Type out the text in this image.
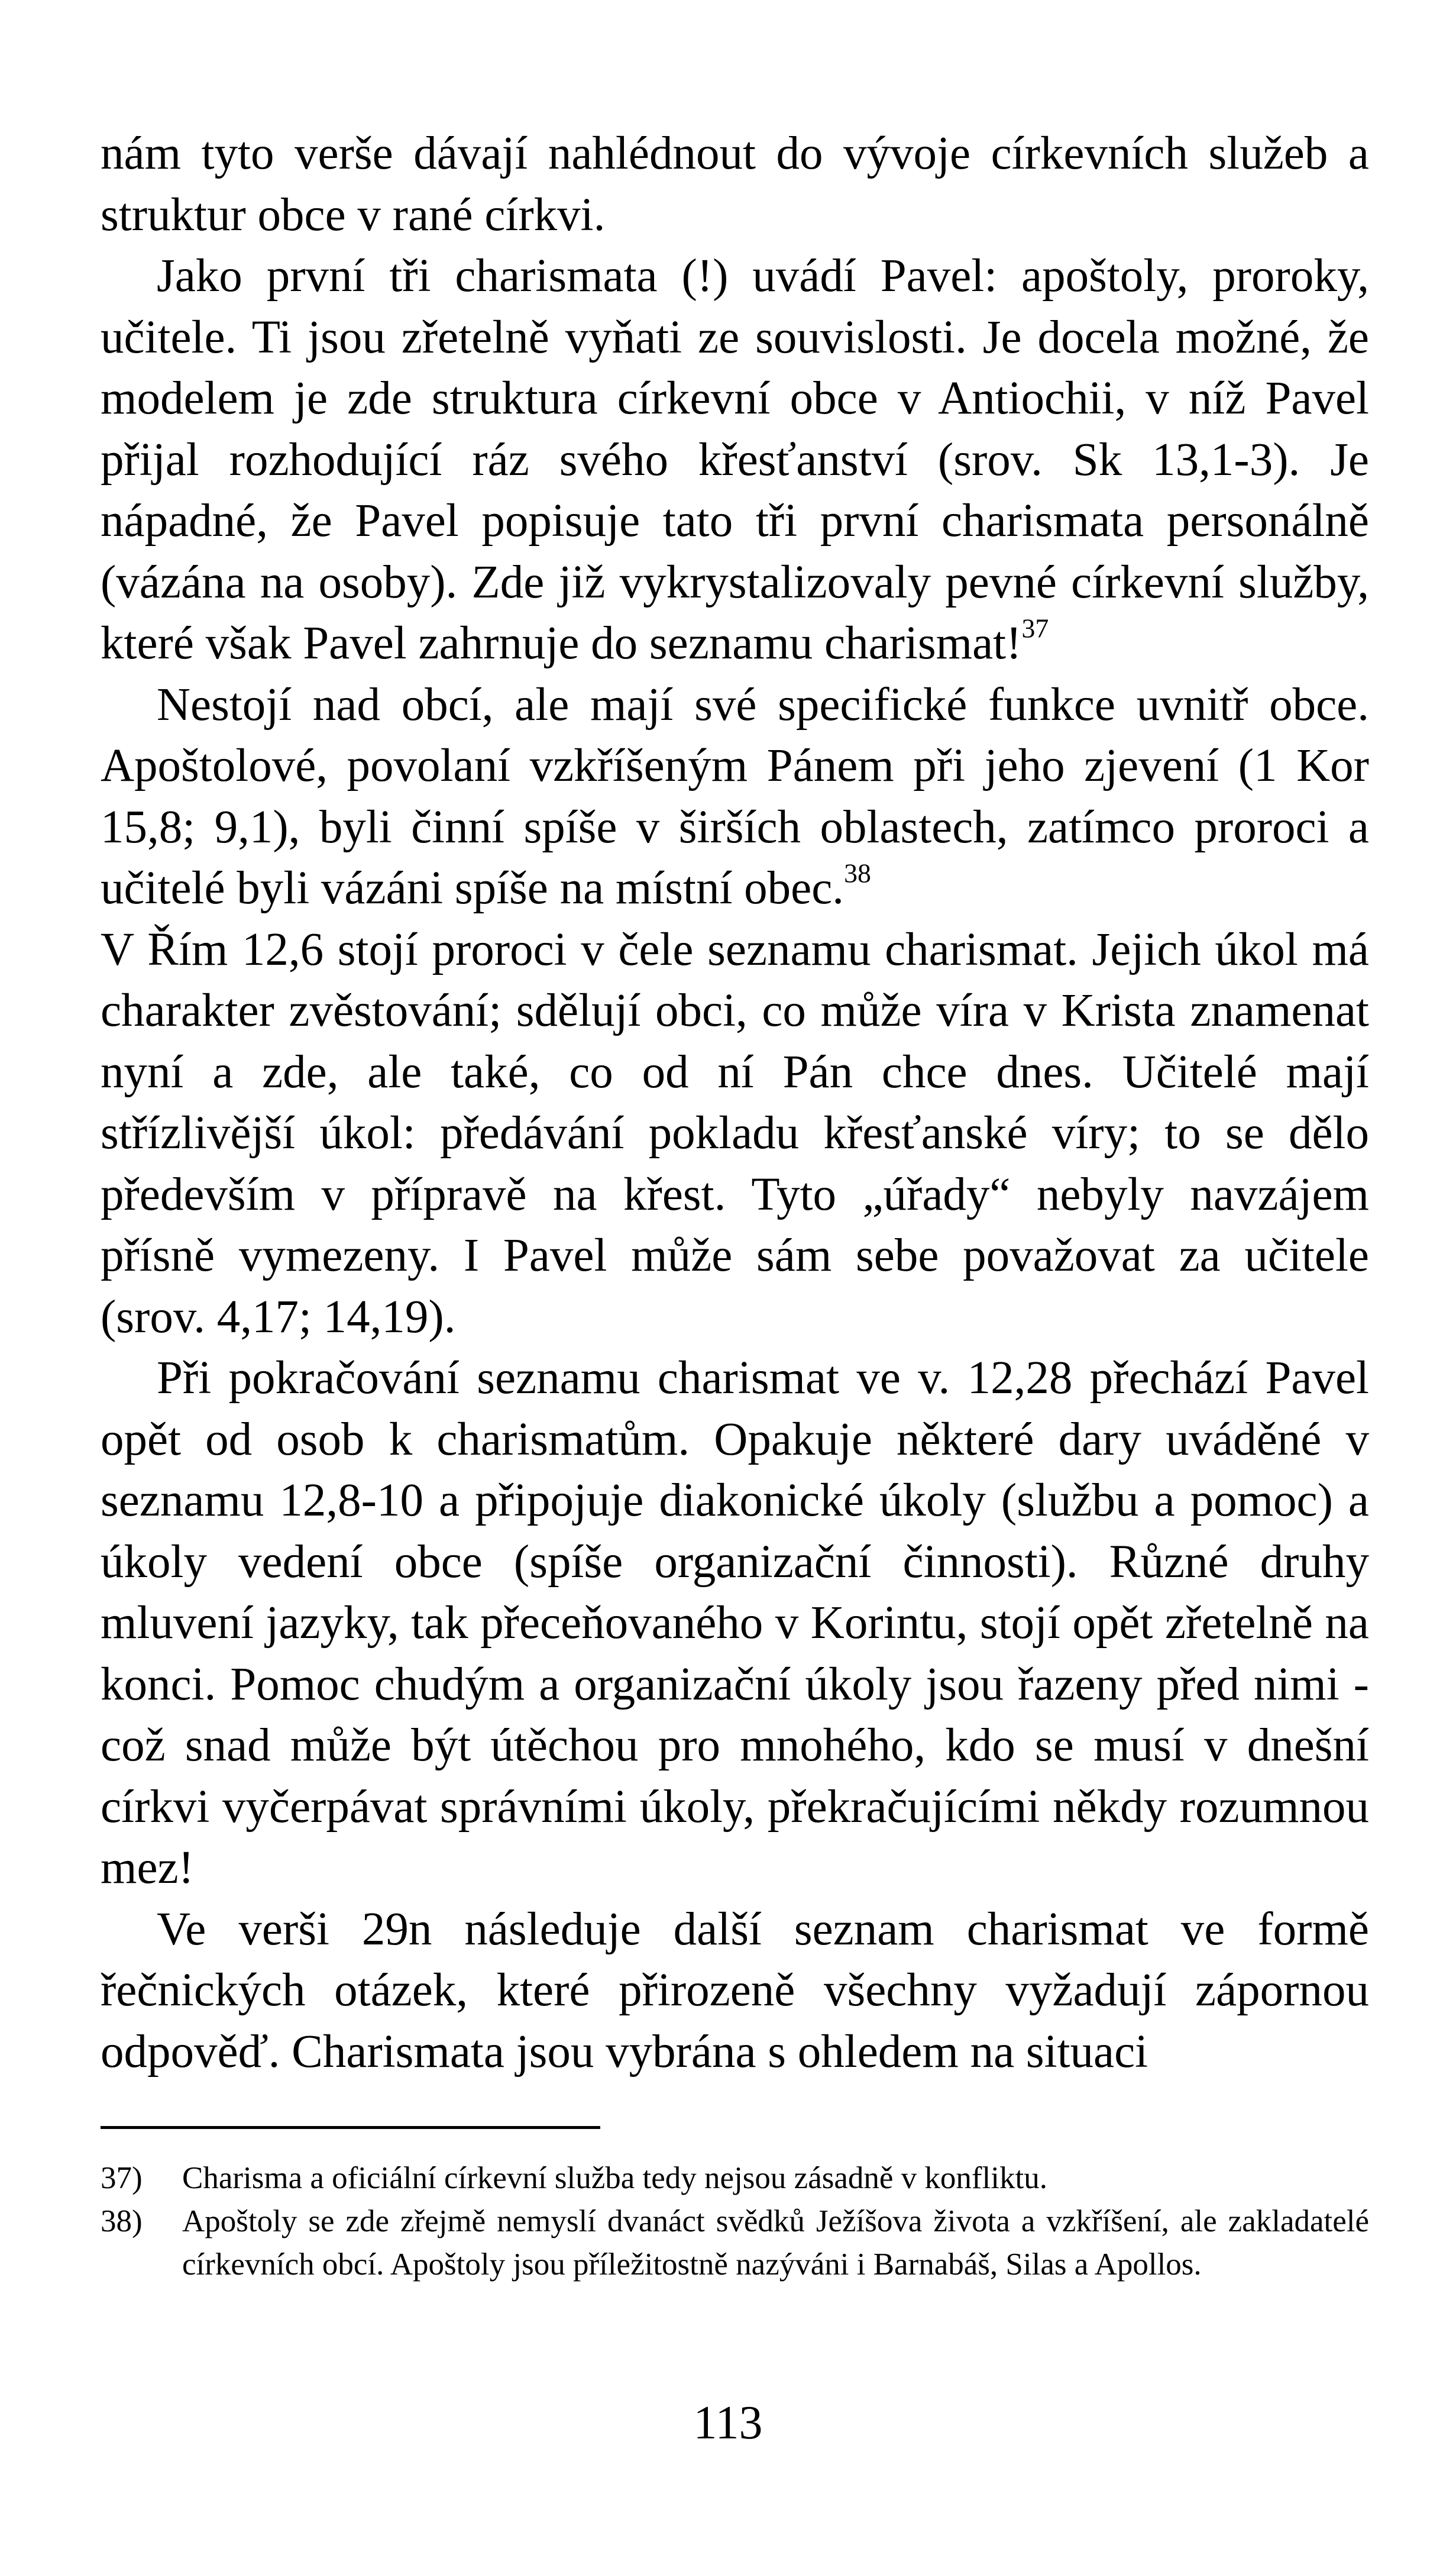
nám tyto verše dávají nahlédnout do vývoje církevních služeb a struktur obce v rané církvi.

Jako první tři charismata (!) uvádí Pavel: apoštoly, proroky, učitele. Ti jsou zřetelně vyňati ze souvislosti. Je docela možné, že modelem je zde struktura církevní obce v Antiochii, v níž Pavel přijal rozhodující ráz svého křesťanství (srov. Sk 13,1-3). Je nápadné, že Pavel popisuje tato tři první charismata personálně (vázána na osoby). Zde již vykrystalizovaly pevné církevní služby, které však Pavel zahrnuje do seznamu charismat!$^{37}$

Nestojí nad obcí, ale mají své specifické funkce uvnitř obce. Apoštolové, povolaní vzkříšeným Pánem při jeho zjevení (1 Kor 15,8; 9,1), byli činní spíše v širších oblastech, zatímco proroci a učitelé byli vázáni spíše na místní obec.$^{38}$

V Řím 12,6 stojí proroci v čele seznamu charismat. Jejich úkol má charakter zvěstování; sdělují obci, co může víra v Krista znamenat nyní a zde, ale také, co od ní Pán chce dnes. Učitelé mají střízlivější úkol: předávání pokladu křesťanské víry; to se dělo především v přípravě na křest. Tyto „úřady“ nebyly navzájem přísně vymezeny. I Pavel může sám sebe považovat za učitele (srov. 4,17; 14,19).

Při pokračování seznamu charismat ve v. 12,28 přechází Pavel opět od osob k charismatům. Opakuje některé dary uváděné v seznamu 12,8-10 a připojuje diakonické úkoly (službu a pomoc) a úkoly vedení obce (spíše organizační činnosti). Různé druhy mluvení jazyky, tak přeceňovaného v Korintu, stojí opět zřetelně na konci. Pomoc chudým a organizační úkoly jsou řazeny před nimi - což snad může být útěchou pro mnohého, kdo se musí v dnešní církvi vyčerpávat správními úkoly, překračujícími někdy rozumnou mez!

Ve verši 29n následuje další seznam charismat ve formě řečnických otázek, které přirozeně všechny vyžadují zápornou odpověď. Charismata jsou vybrána s ohledem na situaci

37)	Charisma a oficiální církevní služba tedy nejsou zásadně v konfliktu.
38)	Apoštoly se zde zřejmě nemyslí dvanáct svědků Ježíšova života a vzkříšení, ale zakladatelé církevních obcí. Apoštoly jsou příležitostně nazýváni i Barnabáš, Silas a Apollos.
113
